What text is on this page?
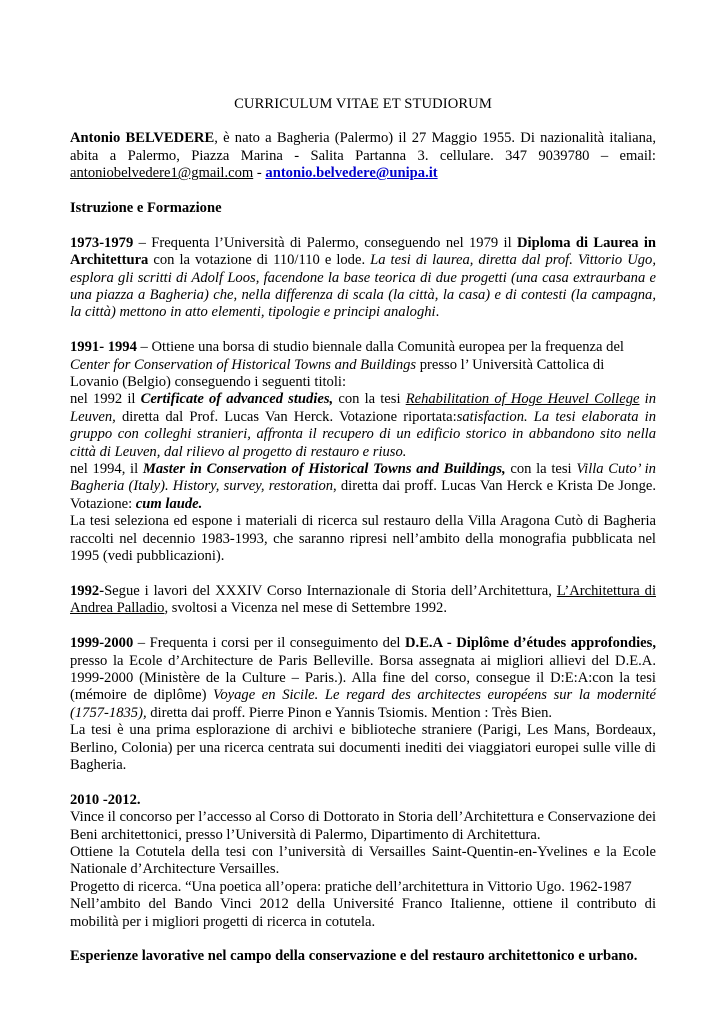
CURRICULUM VITAE ET STUDIORUM

Antonio BELVEDERE, è nato a Bagheria (Palermo) il 27 Maggio 1955. Di nazionalità italiana, abita a Palermo, Piazza Marina - Salita Partanna 3. cellulare. 347 9039780 – email: antoniobelvedere1@gmail.com - antonio.belvedere@unipa.it

Istruzione e Formazione

1973-1979 – Frequenta l’Università di Palermo, conseguendo nel 1979 il Diploma di Laurea in Architettura con la votazione di 110/110 e lode. La tesi di laurea, diretta dal prof. Vittorio Ugo, esplora gli scritti di Adolf Loos, facendone la base teorica di due progetti (una casa extraurbana e una piazza a Bagheria) che, nella differenza di scala (la città, la casa) e di contesti (la campagna, la città) mettono in atto elementi, tipologie e principi analoghi.

1991- 1994 – Ottiene una borsa di studio biennale dalla Comunità europea per la frequenza del Center for Conservation of Historical Towns and Buildings presso l’ Università Cattolica di Lovanio (Belgio) conseguendo i seguenti titoli:

nel 1992 il Certificate of advanced studies, con la tesi Rehabilitation of Hoge Heuvel College in Leuven, diretta dal Prof. Lucas Van Herck. Votazione riportata:satisfaction. La tesi elaborata in gruppo con colleghi stranieri, affronta il recupero di un edificio storico in abbandono sito nella città di Leuven, dal rilievo al progetto di restauro e riuso.

nel 1994, il Master in Conservation of Historical Towns and Buildings, con la tesi Villa Cuto’ in Bagheria (Italy). History, survey, restoration, diretta dai proff. Lucas Van Herck e Krista De Jonge. Votazione: cum laude.

La tesi seleziona ed espone i materiali di ricerca sul restauro della Villa Aragona Cutò di Bagheria raccolti nel decennio 1983-1993, che saranno ripresi nell’ambito della monografia pubblicata nel 1995 (vedi pubblicazioni).

1992-Segue i lavori del XXXIV Corso Internazionale di Storia dell’Architettura, L’Architettura di Andrea Palladio, svoltosi a Vicenza nel mese di Settembre 1992.

1999-2000 – Frequenta i corsi per il conseguimento del D.E.A - Diplôme d’études approfondies, presso la Ecole d’Architecture de Paris Belleville. Borsa assegnata ai migliori allievi del D.E.A. 1999-2000 (Ministère de la Culture – Paris.). Alla fine del corso, consegue il D:E:A:con la tesi (mémoire de diplôme) Voyage en Sicile. Le regard des architectes européens sur la modernité (1757-1835), diretta dai proff. Pierre Pinon e Yannis Tsiomis. Mention : Très Bien.

La tesi è una prima esplorazione di archivi e biblioteche straniere (Parigi, Les Mans, Bordeaux, Berlino, Colonia) per una ricerca centrata sui documenti inediti dei viaggiatori europei sulle ville di Bagheria.

2010 -2012.

Vince il concorso per l’accesso al Corso di Dottorato in Storia dell’Architettura e Conservazione dei Beni architettonici, presso l’Università di Palermo, Dipartimento di Architettura.

Ottiene la Cotutela della tesi con l’università di Versailles Saint-Quentin-en-Yvelines e la Ecole Nationale d’Architecture Versailles.

Progetto di ricerca. “Una poetica all’opera: pratiche dell’architettura in Vittorio Ugo. 1962-1987

Nell’ambito del Bando Vinci 2012 della Université Franco Italienne, ottiene il contributo di mobilità per i migliori progetti di ricerca in cotutela.

Esperienze lavorative nel campo della conservazione e del restauro architettonico e urbano.
